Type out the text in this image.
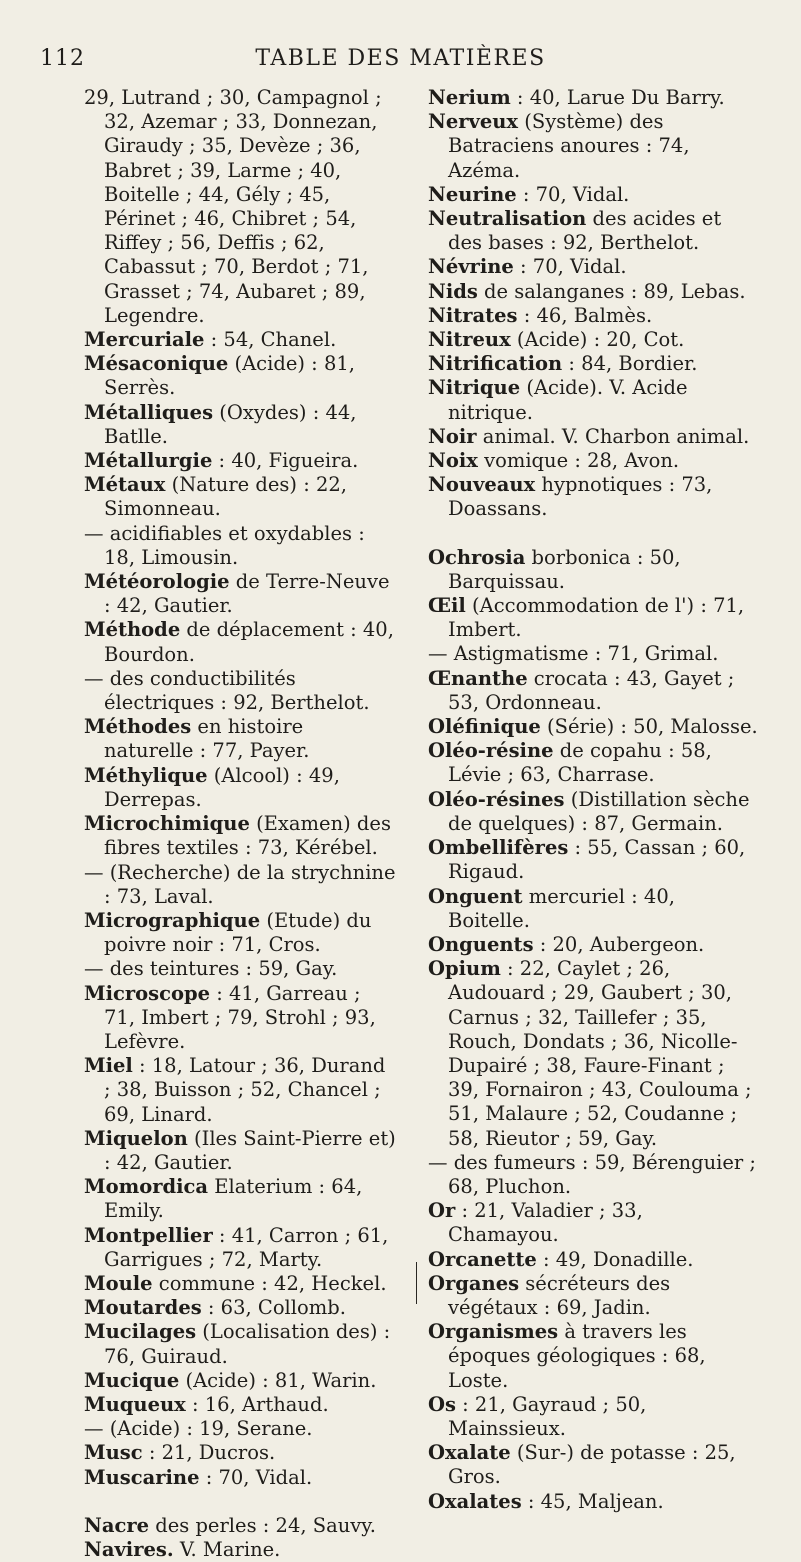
112	TABLE DES MATIÈRES

29, Lutrand ; 30, Campagnol ; 32, Azemar ; 33, Donnezan, Giraudy ; 35, Devèze ; 36, Babret ; 39, Larme ; 40, Boitelle ; 44, Gély ; 45, Périnet ; 46, Chibret ; 54, Riffey ; 56, Deffis ; 62, Cabassut ; 70, Berdot ; 71, Grasset ; 74, Aubaret ; 89, Legendre.

Mercuriale : 54, Chanel.

Mésaconique (Acide) : 81, Serrès.

Métalliques (Oxydes) : 44, Batlle.

Métallurgie : 40, Figueira.

Métaux (Nature des) : 22, Simonneau.

— acidifiables et oxydables : 18, Limousin.

Météorologie de Terre-Neuve : 42, Gautier.

Méthode de déplacement : 40, Bourdon.

— des conductibilités électriques : 92, Berthelot.

Méthodes en histoire naturelle : 77, Payer.

Méthylique (Alcool) : 49, Derrepas.

Microchimique (Examen) des fibres textiles : 73, Kérébel.

— (Recherche) de la strychnine : 73, Laval.

Micrographique (Etude) du poivre noir : 71, Cros.

— des teintures : 59, Gay.

Microscope : 41, Garreau ; 71, Imbert ; 79, Strohl ; 93, Lefèvre.

Miel : 18, Latour ; 36, Durand ; 38, Buisson ; 52, Chancel ; 69, Linard.

Miquelon (Iles Saint-Pierre et) : 42, Gautier.

Momordica Elaterium : 64, Emily.

Montpellier : 41, Carron ; 61, Garrigues ; 72, Marty.

Moule commune : 42, Heckel.

Moutardes : 63, Collomb.

Mucilages (Localisation des) : 76, Guiraud.

Mucique (Acide) : 81, Warin.

Muqueux : 16, Arthaud.

— (Acide) : 19, Serane.

Musc : 21, Ducros.

Muscarine : 70, Vidal.

Nacre des perles : 24, Sauvy.

Navires. V. Marine.

Nerium : 40, Larue Du Barry.

Nerveux (Système) des Batraciens anoures : 74, Azéma.

Neurine : 70, Vidal.

Neutralisation des acides et des bases : 92, Berthelot.

Névrine : 70, Vidal.

Nids de salanganes : 89, Lebas.

Nitrates : 46, Balmès.

Nitreux (Acide) : 20, Cot.

Nitrification : 84, Bordier.

Nitrique (Acide). V. Acide nitrique.

Noir animal. V. Charbon animal.

Noix vomique : 28, Avon.

Nouveaux hypnotiques : 73, Doassans.

Ochrosia borbonica : 50, Barquissau.

Œil (Accommodation de l') : 71, Imbert.

— Astigmatisme : 71, Grimal.

Œnanthe crocata : 43, Gayet ; 53, Ordonneau.

Oléfinique (Série) : 50, Malosse.

Oléo-résine de copahu : 58, Lévie ; 63, Charrase.

Oléo-résines (Distillation sèche de quelques) : 87, Germain.

Ombellifères : 55, Cassan ; 60, Rigaud.

Onguent mercuriel : 40, Boitelle.

Onguents : 20, Aubergeon.

Opium : 22, Caylet ; 26, Audouard ; 29, Gaubert ; 30, Carnus ; 32, Taillefer ; 35, Rouch, Dondats ; 36, Nicolle-Dupairé ; 38, Faure-Finant ; 39, Fornairon ; 43, Couloumа ; 51, Malaure ; 52, Coudanne ; 58, Rieutor ; 59, Gay.

— des fumeurs : 59, Bérenguier ; 68, Pluchon.

Or : 21, Valadier ; 33, Chamayou.

Orcanette : 49, Donadille.

Organes sécréteurs des végétaux : 69, Jadin.

Organismes à travers les époques géologiques : 68, Loste.

Os : 21, Gayraud ; 50, Mainssieux.

Oxalate (Sur-) de potasse : 25, Gros.

Oxalates : 45, Maljean.
